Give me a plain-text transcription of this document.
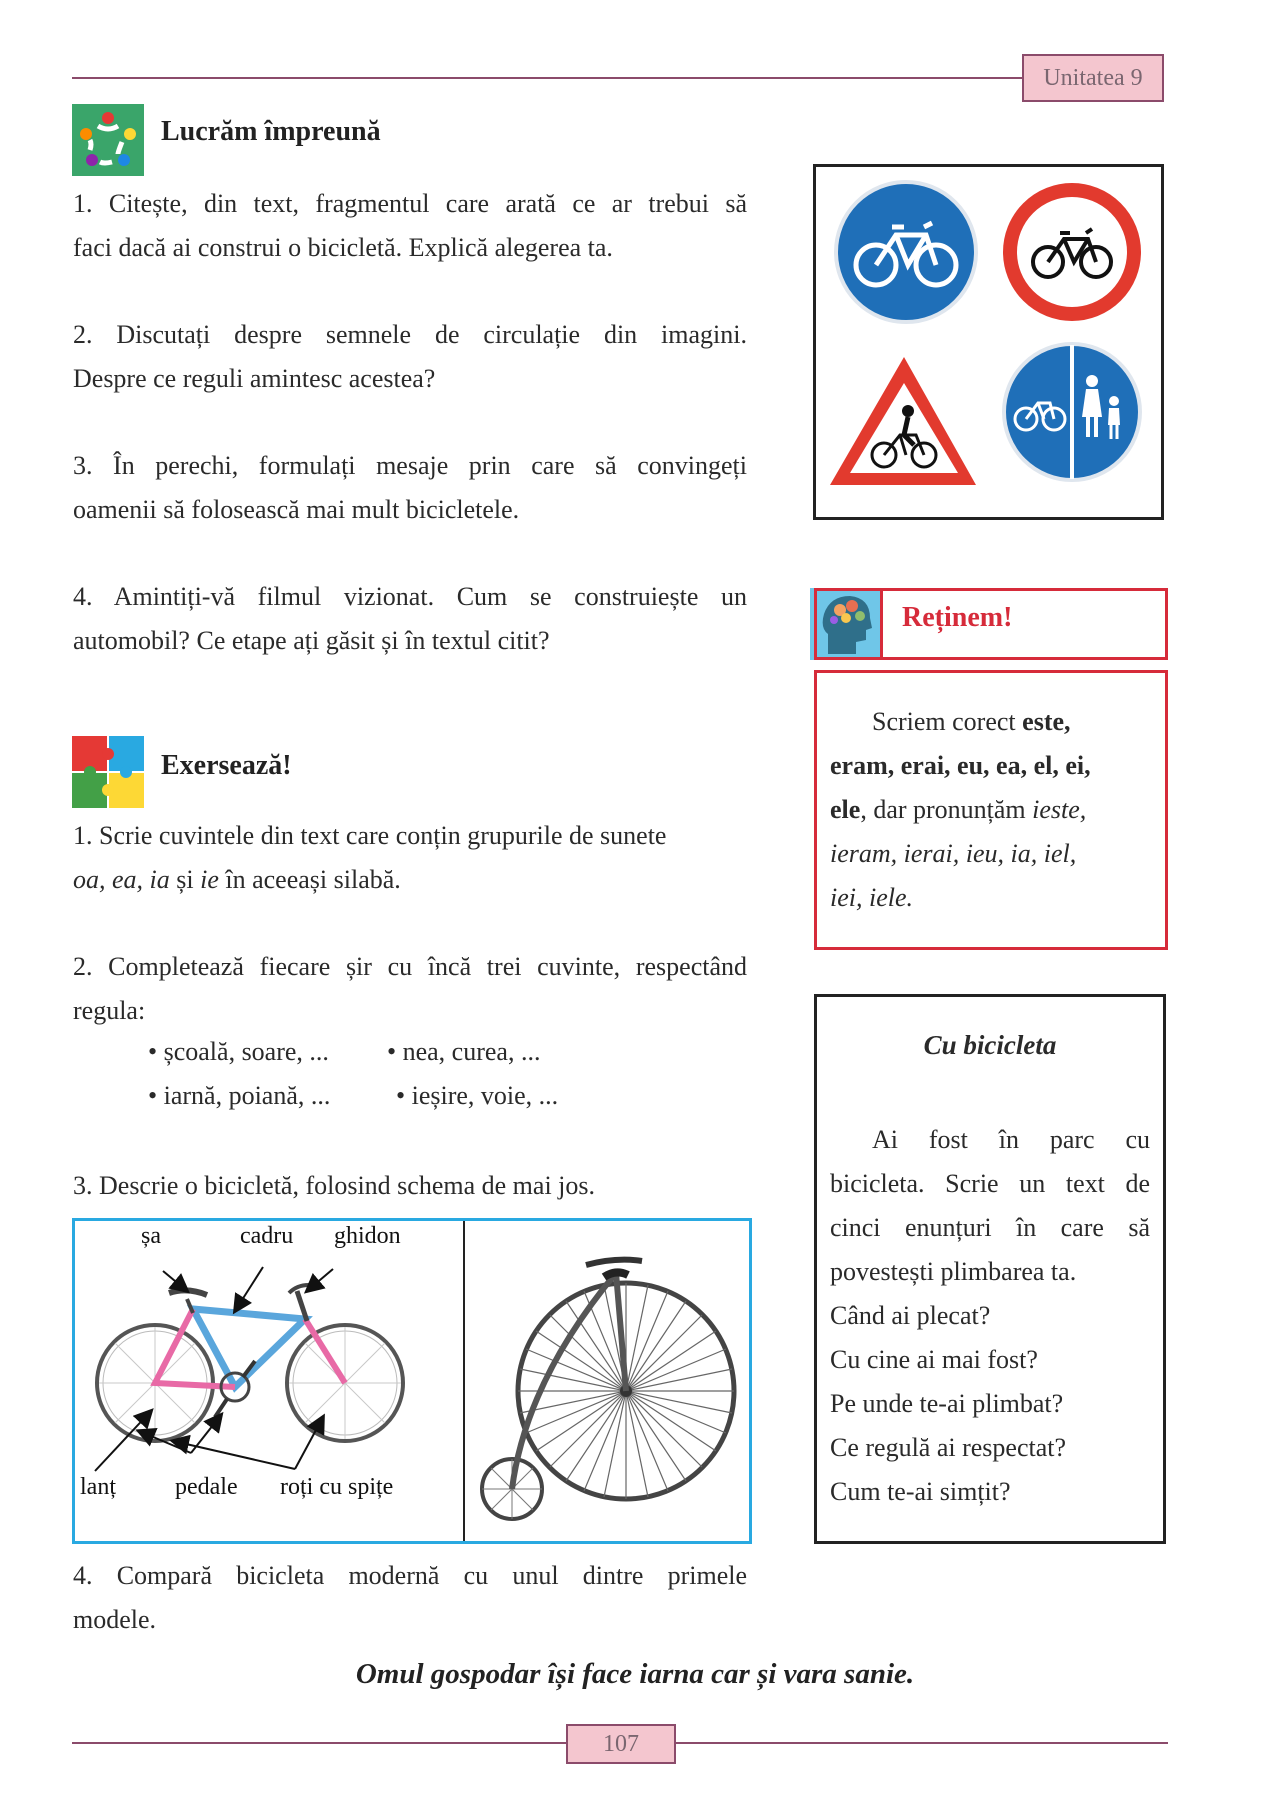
Unitatea 9
Lucrăm împreună
1. Citește, din text, fragmentul care arată ce ar trebui să
faci dacă ai construi o bicicletă. Explică alegerea ta.
2. Discutați despre semnele de circulație din imagini.
Despre ce reguli amintesc acestea?
3. În perechi, formulați mesaje prin care să convingeți
oamenii să folosească mai mult bicicletele.
4. Amintiți-vă filmul vizionat. Cum se construiește un
automobil? Ce etape ați găsit și în textul citit?
Reținem!
Scriem corect este,
eram, erai, eu, ea, el, ei,
ele, dar pronunțăm ieste,
ieram, ierai, ieu, ia, iel,
iei, iele.
Exersează!
1. Scrie cuvintele din text care conțin grupurile de sunete
oa, ea, ia și ie în aceeași silabă.
2. Completează fiecare șir cu încă trei cuvinte, respectând
regula:
• școală, soare, ... • nea, curea, ...
• iarnă, poiană, ...	• ieșire, voie, ...
3. Descrie o bicicletă, folosind schema de mai jos.
șa	cadru ghidon
lanț pedale roți cu spițe
4. Compară bicicleta modernă cu unul dintre primele
modele.
Cu bicicleta
Ai fost în parc cu
bicicleta. Scrie un text de
cinci enunțuri în care să
povestești plimbarea ta.
Când ai plecat?
Cu cine ai mai fost?
Pe unde te-ai plimbat?
Ce regulă ai respectat?
Cum te-ai simțit?
Omul gospodar își face iarna car și vara sanie.
107
